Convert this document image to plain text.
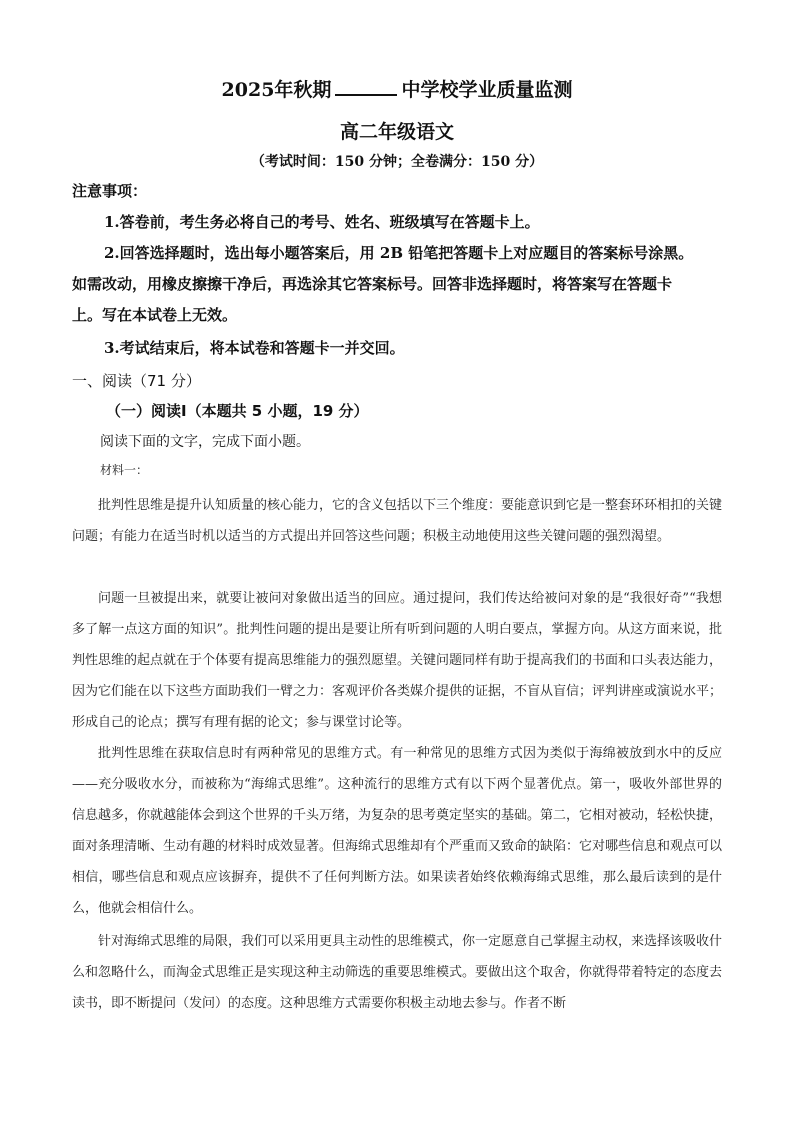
2025年秋期	中学校学业质量监测
高二年级语文
（考试时间：150 分钟；全卷满分：150 分）
注意事项：
1.答卷前，考生务必将自己的考号、姓名、班级填写在答题卡上。
2.回答选择题时，选出每小题答案后，用 2B 铅笔把答题卡上对应题目的答案标号涂黑。
如需改动，用橡皮擦擦干净后，再选涂其它答案标号。回答非选择题时，将答案写在答题卡
上。写在本试卷上无效。
3.考试结束后，将本试卷和答题卡一并交回。
一、阅读（71 分）
（一）阅读Ⅰ（本题共 5 小题，19 分）
阅读下面的文字，完成下面小题。
材料一：
批判性思维是提升认知质量的核心能力，它的含义包括以下三个维度：要能意识到它是一整套环环相扣的关键问题；有能力在适当时机以适当的方式提出并回答这些问题；积极主动地使用这些关键问题的强烈渴望。
问题一旦被提出来，就要让被问对象做出适当的回应。通过提问，我们传达给被问对象的是“我很好奇”“我想多了解一点这方面的知识”。批判性问题的提出是要让所有听到问题的人明白要点，掌握方向。从这方面来说，批判性思维的起点就在于个体要有提高思维能力的强烈愿望。关键问题同样有助于提高我们的书面和口头表达能力，因为它们能在以下这些方面助我们一臂之力：客观评价各类媒介提供的证据，不盲从盲信；评判讲座或演说水平；形成自己的论点；撰写有理有据的论文；参与课堂讨论等。
批判性思维在获取信息时有两种常见的思维方式。有一种常见的思维方式因为类似于海绵被放到水中的反应——充分吸收水分，而被称为“海绵式思维”。这种流行的思维方式有以下两个显著优点。第一，吸收外部世界的信息越多，你就越能体会到这个世界的千头万绪，为复杂的思考奠定坚实的基础。第二，它相对被动，轻松快捷，面对条理清晰、生动有趣的材料时成效显著。但海绵式思维却有个严重而又致命的缺陷：它对哪些信息和观点可以相信，哪些信息和观点应该摒弃，提供不了任何判断方法。如果读者始终依赖海绵式思维，那么最后读到的是什么，他就会相信什么。
针对海绵式思维的局限，我们可以采用更具主动性的思维模式，你一定愿意自己掌握主动权，来选择该吸收什么和忽略什么，而淘金式思维正是实现这种主动筛选的重要思维模式。要做出这个取舍，你就得带着特定的态度去读书，即不断提问（发问）的态度。这种思维方式需要你积极主动地去参与。作者不断
